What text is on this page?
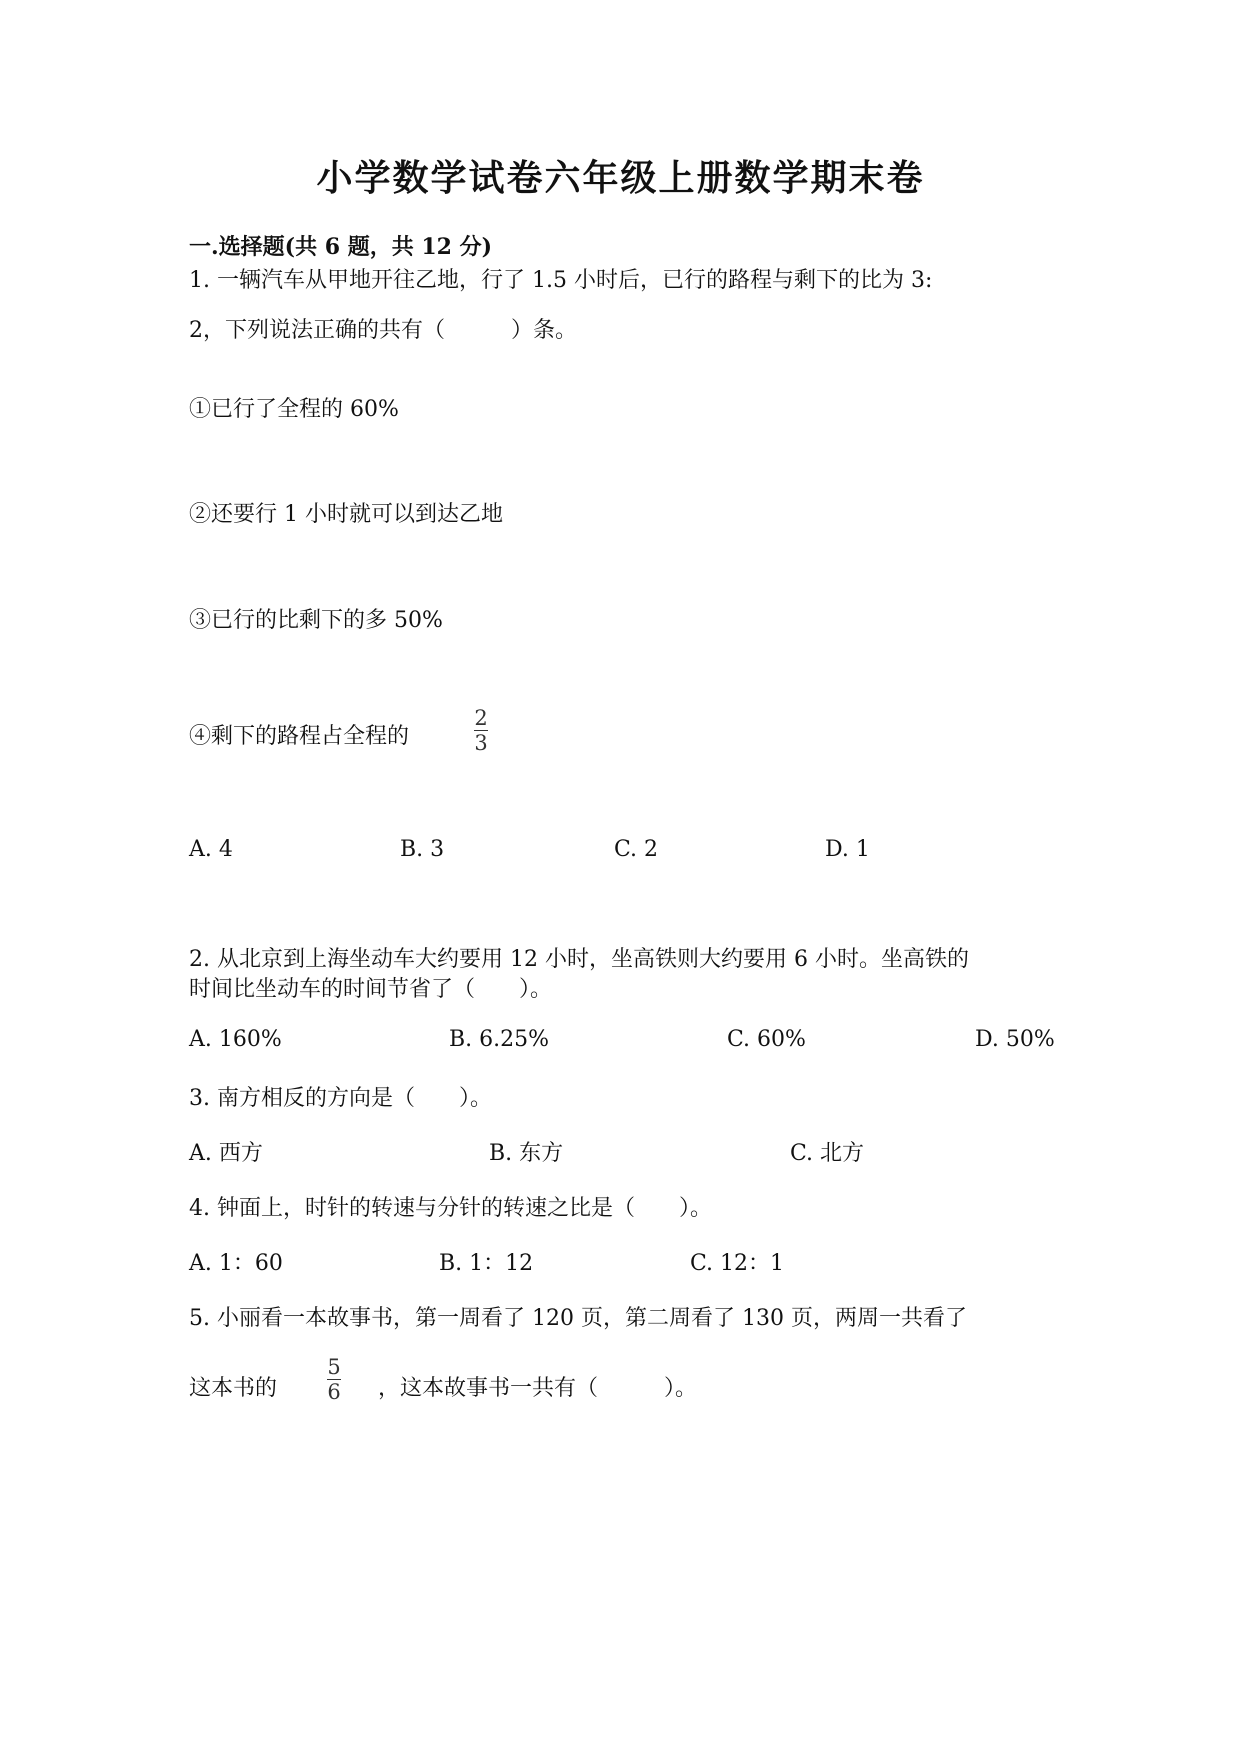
小学数学试卷六年级上册数学期末卷
一.选择题(共 6 题，共 12 分)
1. 一辆汽车从甲地开往乙地，行了 1.5 小时后，已行的路程与剩下的比为 3:
2，下列说法正确的共有（　　　）条。
①已行了全程的 60%
②还要行 1 小时就可以到达乙地
③已行的比剩下的多 50%
④剩下的路程占全程的
2
3
A. 4	B. 3	C. 2	D. 1
2. 从北京到上海坐动车大约要用 12 小时，坐高铁则大约要用 6 小时。坐高铁的
时间比坐动车的时间节省了（　　）。
A. 160%	B. 6.25%	C. 60%	D. 50%
3. 南方相反的方向是（　　）。
A. 西方	B. 东方	C. 北方
4. 钟面上，时针的转速与分针的转速之比是（　　）。
A. 1：60	B. 1：12	C. 12：1
5. 小丽看一本故事书，第一周看了 120 页，第二周看了 130 页，两周一共看了
这本书的
5
6 ，这本故事书一共有（　　　）。
